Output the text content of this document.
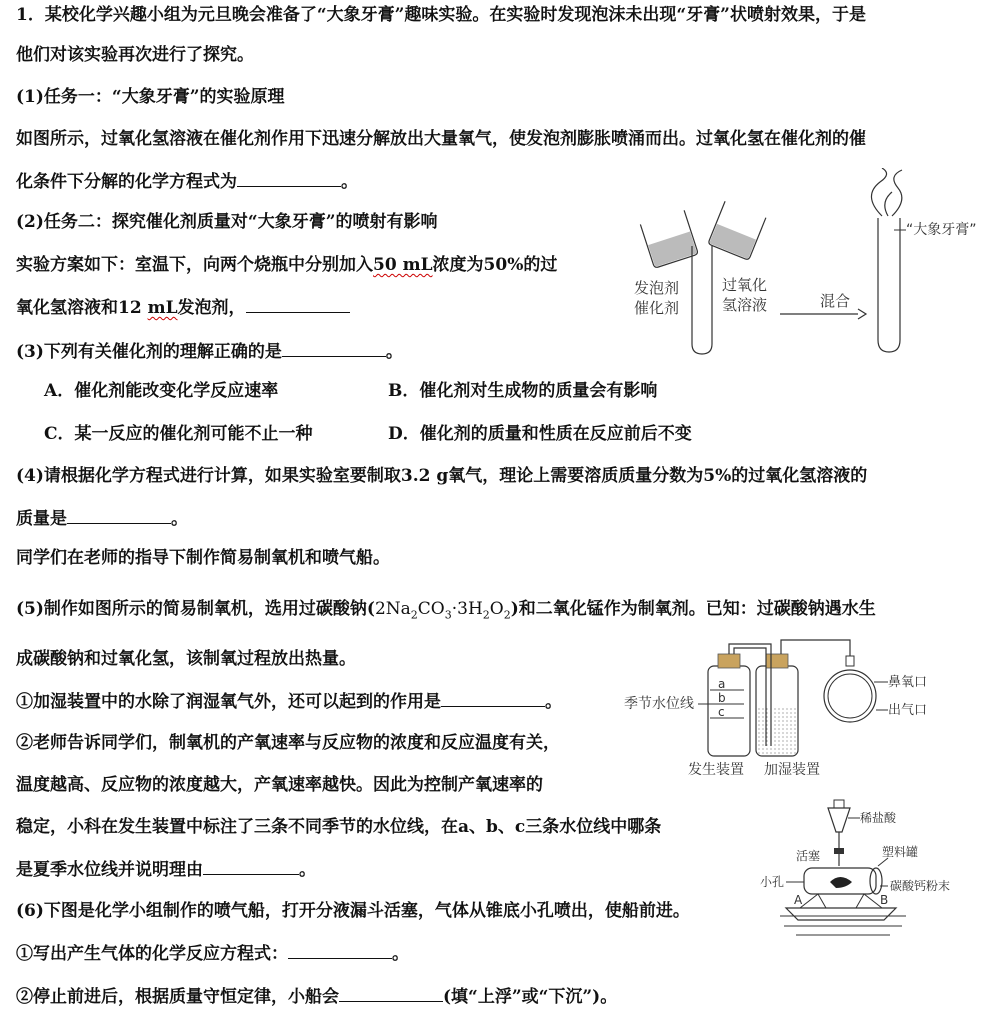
1．某校化学兴趣小组为元旦晚会准备了“大象牙膏”趣味实验。在实验时发现泡沫未出现“牙膏”状喷射效果，于是
他们对该实验再次进行了探究。
(1)任务一：“大象牙膏”的实验原理
如图所示，过氧化氢溶液在催化剂作用下迅速分解放出大量氧气，使发泡剂膨胀喷涌而出。过氧化氢在催化剂的催
化条件下分解的化学方程式为	。
(2)任务二：探究催化剂质量对“大象牙膏”的喷射有影响
实验方案如下：室温下，向两个烧瓶中分别加入50 mL浓度为50%的过
氧化氢溶液和12 mL发泡剂，
(3)下列有关催化剂的理解正确的是	。
A．催化剂能改变化学反应速率	B．催化剂对生成物的质量会有影响
C．某一反应的催化剂可能不止一种	D．催化剂的质量和性质在反应前后不变
(4)请根据化学方程式进行计算，如果实验室要制取3.2 g氧气，理论上需要溶质质量分数为5%的过氧化氢溶液的
质量是	。
同学们在老师的指导下制作简易制氧机和喷气船。
(5)制作如图所示的简易制氧机，选用过碳酸钠$(2Na_2CO_3\cdot 3H_2O_2)$和二氧化锰作为制氧剂。已知：过碳酸钠遇水生
成碳酸钠和过氧化氢，该制氧过程放出热量。
①加湿装置中的水除了润湿氧气外，还可以起到的作用是	。
②老师告诉同学们，制氧机的产氧速率与反应物的浓度和反应温度有关，
温度越高、反应物的浓度越大，产氧速率越快。因此为控制产氧速率的
稳定，小科在发生装置中标注了三条不同季节的水位线，在a、b、c三条水位线中哪条
是夏季水位线并说明理由	。
(6)下图是化学小组制作的喷气船，打开分液漏斗活塞，气体从锥底小孔喷出，使船前进。
①写出产生气体的化学反应方程式：	。
②停止前进后，根据质量守恒定律，小船会	(填“上浮”或“下沉”)。
发泡剂
催化剂
过氧化
氢溶液	混合
“大象牙膏”
a
b
c
季节水位线
鼻氧口
出气口
发生装置 加湿装置
稀盐酸
活塞	塑料罐
碳酸钙粉末
小孔
A	B
